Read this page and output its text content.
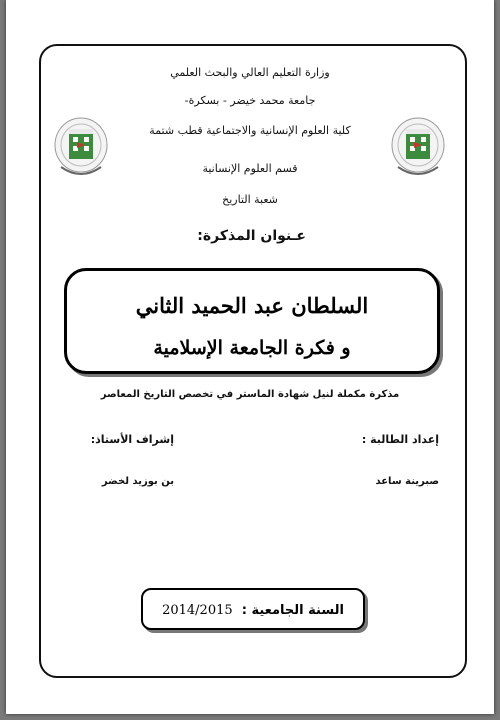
وزارة التعليم العالي والبحث العلمي
جامعة محمد خيضر - بسكرة-
كلية العلوم الإنسانية والاجتماعية قطب شتمة
قسم العلوم الإنسانية
شعبة التاريخ
عـنوان المذكرة:
السلطان عبد الحميد الثاني
و فكرة الجامعة الإسلامية
مذكرة مكملة لنيل شهادة الماستر في تخصص التاريخ المعاصر
إعداد الطالبة :
إشراف الأستاذ:
صبرينة ساعد
بن بوزيد لخضر
السنة الجامعية : 2014/2015
